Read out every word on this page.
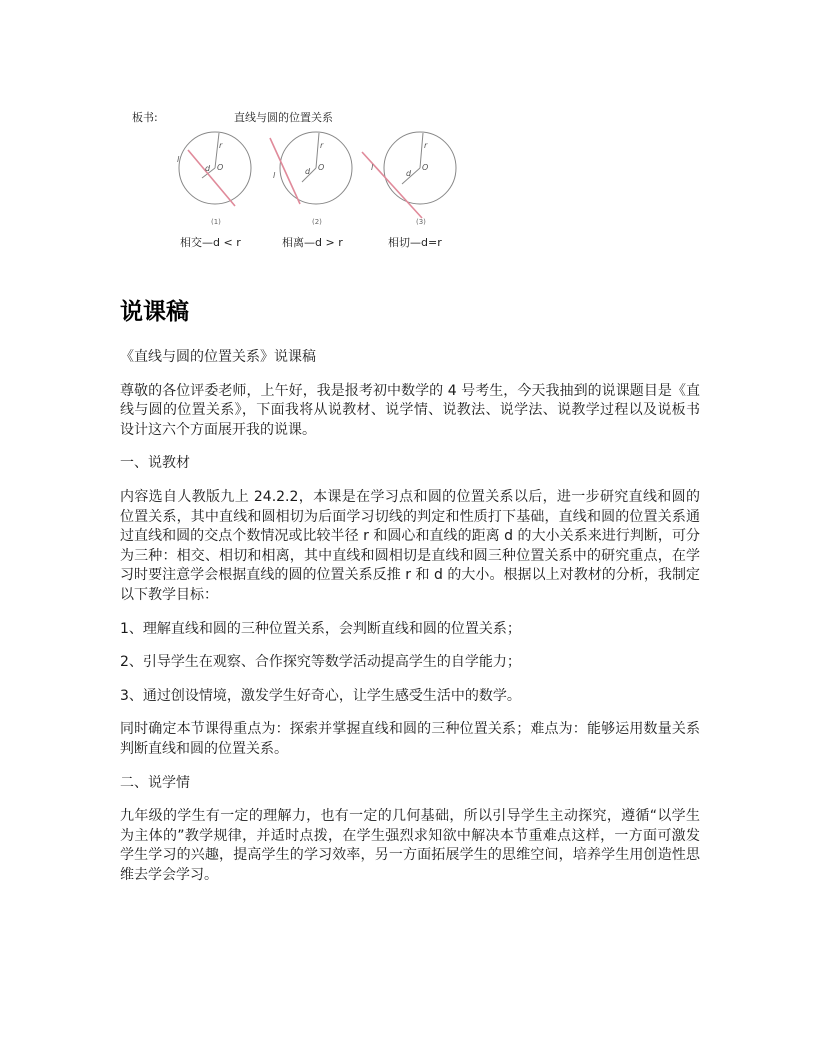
板书:	直线与圆的位置关系
r
d O
l
(1)
r
d O
l
(2)
r
d
O
l
(3)
相交—d < r	相离—d > r	相切—d=r
说课稿

《直线与圆的位置关系》说课稿

尊敬的各位评委老师，上午好，我是报考初中数学的 4 号考生，今天我抽到的说课题目是《直线与圆的位置关系》，下面我将从说教材、说学情、说教法、说学法、说教学过程以及说板书设计这六个方面展开我的说课。

一、说教材

内容选自人教版九上 24.2.2，本课是在学习点和圆的位置关系以后，进一步研究直线和圆的位置关系，其中直线和圆相切为后面学习切线的判定和性质打下基础，直线和圆的位置关系通过直线和圆的交点个数情况或比较半径 r 和圆心和直线的距离 d 的大小关系来进行判断，可分为三种：相交、相切和相离，其中直线和圆相切是直线和圆三种位置关系中的研究重点，在学习时要注意学会根据直线的圆的位置关系反推 r 和 d 的大小。根据以上对教材的分析，我制定以下教学目标：

1、理解直线和圆的三种位置关系，会判断直线和圆的位置关系；

2、引导学生在观察、合作探究等数学活动提高学生的自学能力；

3、通过创设情境，激发学生好奇心，让学生感受生活中的数学。

同时确定本节课得重点为：探索并掌握直线和圆的三种位置关系；难点为：能够运用数量关系判断直线和圆的位置关系。

二、说学情

九年级的学生有一定的理解力，也有一定的几何基础，所以引导学生主动探究，遵循“以学生为主体的”教学规律，并适时点拨，在学生强烈求知欲中解决本节重难点这样，一方面可激发学生学习的兴趣，提高学生的学习效率，另一方面拓展学生的思维空间，培养学生用创造性思维去学会学习。
